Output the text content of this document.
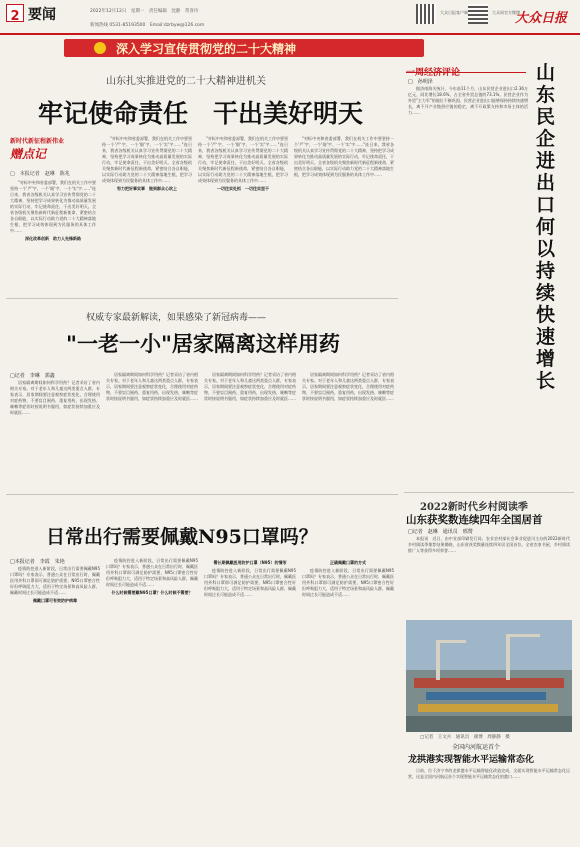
2 要闻	2022年12月12日　星期一　责任编辑　沈静　常喜玲
新闻热线 0531-85193500　Email:dzrbyw@126.com
大众日报客户端	大众网官方微博
大众日报
深入学习宣传贯彻党的二十大精神
山东扎实推进党的二十大精神进机关
牢记使命责任　干出美好明天
新时代新征程新伟业
赠点记
□　本报记者　赵琳　陈兆

"对标中央和省委部署，我们在机关工作中要坚持一个'严'字、一个'细'字、一个'实'字……"连日来，我省各级机关认真学习宣传贯彻党的二十大精神，坚持把学习成果转化为推动高质量发展的实际行动，牢记使命责任，干出美好明天。全省各级机关聚焦新时代新征程新使命，紧密结合各自职能，以实际行动助力党的二十大精神落地生根，把学习成效体现到为民服务的具体工作中……

深化改革创新　助力人先锋新路

"对标中央和省委部署，我们在机关工作中要坚持一个'严'字、一个'细'字、一个'实'字……"连日来，我省各级机关认真学习宣传贯彻党的二十大精神，坚持把学习成果转化为推动高质量发展的实际行动，牢记使命责任，干出美好明天。全省各级机关聚焦新时代新征程新使命，紧密结合各自职能，以实际行动助力党的二十大精神落地生根，把学习成效体现到为民服务的具体工作中……

努力把好事实事　做到群众心坎上

"对标中央和省委部署，我们在机关工作中要坚持一个'严'字、一个'细'字、一个'实'字……"连日来，我省各级机关认真学习宣传贯彻党的二十大精神，坚持把学习成果转化为推动高质量发展的实际行动，牢记使命责任，干出美好明天。全省各级机关聚焦新时代新征程新使命，紧密结合各自职能，以实际行动助力党的二十大精神落地生根，把学习成效体现到为民服务的具体工作中……

一切往实处抓　一切往实里干

"对标中央和省委部署，我们在机关工作中要坚持一个'严'字、一个'细'字、一个'实'字……"连日来，我省各级机关认真学习宣传贯彻党的二十大精神，坚持把学习成果转化为推动高质量发展的实际行动，牢记使命责任，干出美好明天。全省各级机关聚焦新时代新征程新使命，紧密结合各自职能，以实际行动助力党的二十大精神落地生根，把学习成效体现到为民服务的具体工作中……

一周经济评论
□　孙明泽

据济南海关统计，今年前11个月，山东民营企业进出口2.36万亿元，同比增长18.6%，占全省外贸总值的73.1%。民营企业作为外贸"主力军"的地位不断巩固，民营企业进出口能够保持持续快速增长，离不开产业链供应链的稳定，离不开政策支持和市场主体的活力……

山东民企进出口何以持续快速增长
权威专家最新解读，如果感染了新冠病毒——
"一老一小"居家隔离这样用药
□记者　李琳　郭鑫

居家隔离期间如何科学用药？记者采访了省内相关专家。对于老年人和儿童这两类重点人群，专家表示，居家期间要注意观察症状变化，合理使用对症药物，不要盲目囤药、重复用药，出现发热、咳嗽等症状时按说明书服用，如症状持续加重应及时就医……

居家隔离期间如何科学用药？记者采访了省内相关专家。对于老年人和儿童这两类重点人群，专家表示，居家期间要注意观察症状变化，合理使用对症药物，不要盲目囤药、重复用药，出现发热、咳嗽等症状时按说明书服用，如症状持续加重应及时就医……

居家隔离期间如何科学用药？记者采访了省内相关专家。对于老年人和儿童这两类重点人群，专家表示，居家期间要注意观察症状变化，合理使用对症药物，不要盲目囤药、重复用药，出现发热、咳嗽等症状时按说明书服用，如症状持续加重应及时就医……

居家隔离期间如何科学用药？记者采访了省内相关专家。对于老年人和儿童这两类重点人群，专家表示，居家期间要注意观察症状变化，合理使用对症药物，不要盲目囤药、重复用药，出现发热、咳嗽等症状时按说明书服用，如症状持续加重应及时就医……

2022新时代乡村阅读季
山东获奖数连续四年全国居首
□记者　赵琳　通讯员　邢赞

本报讯　近日，由中宣部印刷发行局、农业农村部社会事业促进司主办的2022新时代乡村阅读季推荐结果揭晓，山东省获奖数量连续四年居全国首位。全省农家书屋、乡村阅读推广人等获得多项荣誉……

日常出行需要佩戴N95口罩吗？
□本报记者　李霞　朱艳

疫情防控进入新阶段，日常出行需要佩戴N95口罩吗？专家表示，普通公众在日常出行时，佩戴医用外科口罩即可满足防护需要，N95口罩密合性好但呼吸阻力大，适用于特定场景和高风险人群，佩戴时间过长可能造成不适……

佩戴口罩可有效防护病毒

疫情防控进入新阶段，日常出行需要佩戴N95口罩吗？专家表示，普通公众在日常出行时，佩戴医用外科口罩即可满足防护需要，N95口罩密合性好但呼吸阻力大，适用于特定场景和高风险人群，佩戴时间过长可能造成不适……

什么时候需要戴N95口罩？什么时候不需要？

需长期佩戴医用防护口罩（N95）的情形

疫情防控进入新阶段，日常出行需要佩戴N95口罩吗？专家表示，普通公众在日常出行时，佩戴医用外科口罩即可满足防护需要，N95口罩密合性好但呼吸阻力大，适用于特定场景和高风险人群，佩戴时间过长可能造成不适……

正确佩戴口罩的方式

疫情防控进入新阶段，日常出行需要佩戴N95口罩吗？专家表示，普通公众在日常出行时，佩戴医用外科口罩即可满足防护需要，N95口罩密合性好但呼吸阻力大，适用于特定场景和高风险人群，佩戴时间过长可能造成不适……

□记者　王文兵　通讯员　颜博　周静静　摄
全国内河航运首个
龙拱港实现智能水平运输常态化

日前，位于济宁市的龙拱港水平运输智能化改造完成，全面实现智能水平运输常态化运营，这是全国内河航运首个实现智能水平运输常态化的港口……
